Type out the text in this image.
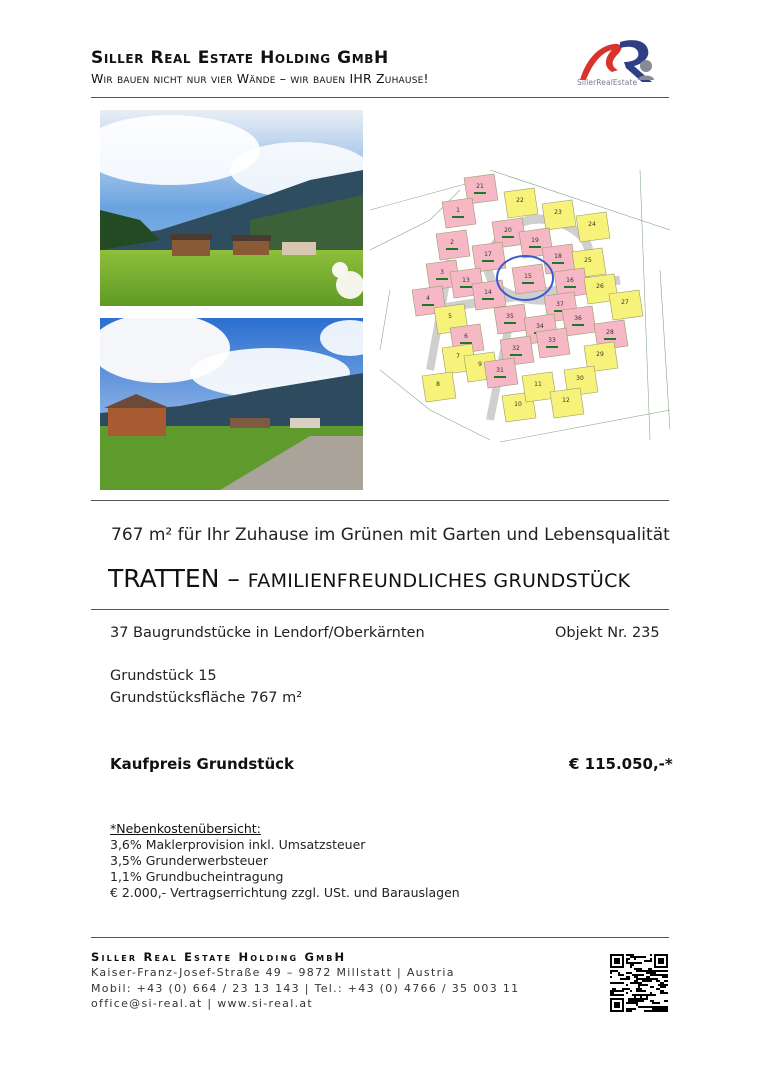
Siller Real Estate Holding GmbH
Wir bauen nicht nur vier Wände – wir bauen IHR Zuhause!	SillerRealEstate
21
22
23
24
1
20
19
18
25
2
17
15
16
3
13
14
37
26
27
4
35
34
36
28
5
6
32
33
29
7
9
31
30
8
10
11
12
767 m² für Ihr Zuhause im Grünen mit Garten und Lebensqualität
TRATTEN – FAMILIENFREUNDLICHES GRUNDSTÜCK
37 Baugrundstücke in Lendorf/Oberkärnten	Objekt Nr. 235
Grundstück 15
Grundstücksfläche 767 m²
Kaufpreis Grundstück	€ 115.050,-*
*Nebenkostenübersicht:
3,6% Maklerprovision inkl. Umsatzsteuer
3,5% Grunderwerbsteuer
1,1% Grundbucheintragung
€ 2.000,- Vertragserrichtung zzgl. USt. und Barauslagen
Siller Real Estate Holding GmbH
Kaiser-Franz-Josef-Straße 49 – 9872 Millstatt | Austria
Mobil: +43 (0) 664 / 23 13 143 | Tel.: +43 (0) 4766 / 35 003 11
office@si-real.at | www.si-real.at
